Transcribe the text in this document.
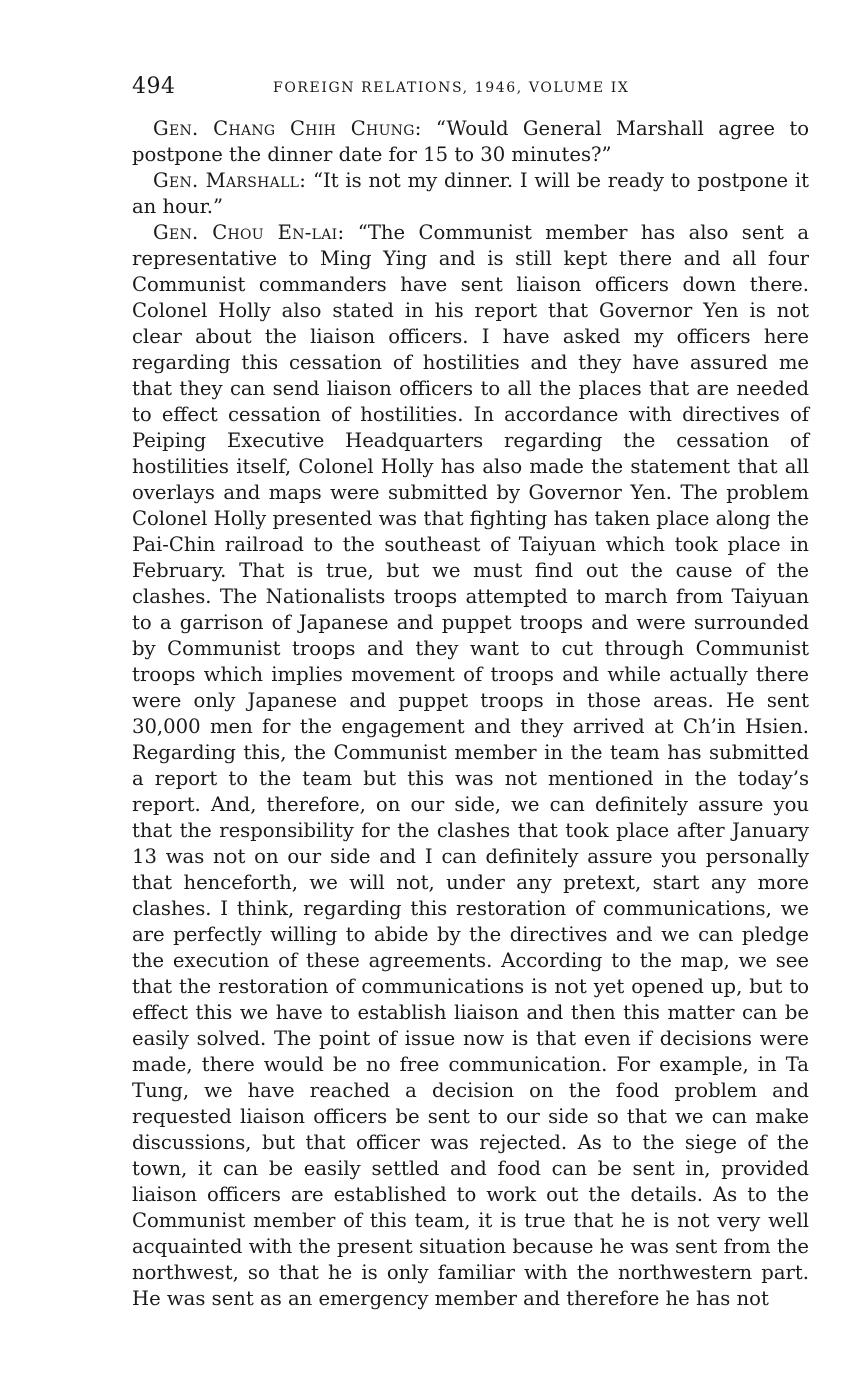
494	FOREIGN RELATIONS, 1946, VOLUME IX

Gen. Chang Chih Chung: “Would General Marshall agree to postpone the dinner date for 15 to 30 minutes?”

Gen. Marshall: “It is not my dinner. I will be ready to postpone it an hour.”

Gen. Chou En-lai: “The Communist member has also sent a representative to Ming Ying and is still kept there and all four Communist commanders have sent liaison officers down there. Colonel Holly also stated in his report that Governor Yen is not clear about the liaison officers. I have asked my officers here regarding this cessation of hostilities and they have assured me that they can send liaison officers to all the places that are needed to effect cessation of hostilities. In accordance with directives of Peiping Executive Headquarters regarding the cessation of hostilities itself, Colonel Holly has also made the statement that all overlays and maps were submitted by Governor Yen. The problem Colonel Holly presented was that fighting has taken place along the Pai-Chin railroad to the southeast of Taiyuan which took place in February. That is true, but we must find out the cause of the clashes. The Nationalists troops attempted to march from Taiyuan to a garrison of Japanese and puppet troops and were surrounded by Communist troops and they want to cut through Communist troops which implies movement of troops and while actually there were only Japanese and puppet troops in those areas. He sent 30,000 men for the engagement and they arrived at Ch’in Hsien. Regarding this, the Communist member in the team has submitted a report to the team but this was not mentioned in the today’s report. And, therefore, on our side, we can definitely assure you that the responsibility for the clashes that took place after January 13 was not on our side and I can definitely assure you personally that henceforth, we will not, under any pretext, start any more clashes. I think, regarding this restoration of communications, we are perfectly willing to abide by the directives and we can pledge the execution of these agreements. According to the map, we see that the restoration of communications is not yet opened up, but to effect this we have to establish liaison and then this matter can be easily solved. The point of issue now is that even if decisions were made, there would be no free communication. For example, in Ta Tung, we have reached a decision on the food problem and requested liaison officers be sent to our side so that we can make discussions, but that officer was rejected. As to the siege of the town, it can be easily settled and food can be sent in, provided liaison officers are established to work out the details. As to the Communist member of this team, it is true that he is not very well acquainted with the present situation because he was sent from the northwest, so that he is only familiar with the northwestern part. He was sent as an emergency member and therefore he has not
